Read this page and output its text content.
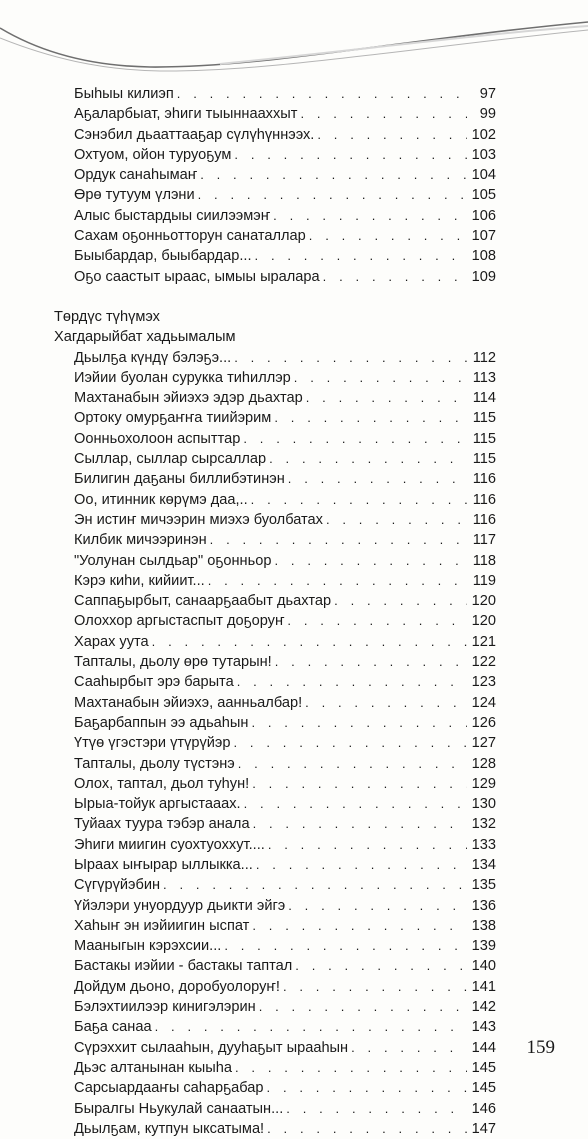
Быһыы килиэп . . .	97
Аҕаларбыат, эһиги тыыннааххыт . . .	99
Сэнэбил дьааттааҕар сүлүһүннээх. . . .	102
Охтуом, ойон туруоҕум . . .	103
Ордук санаһымаҥ . . .	104
Өрө тутуум үлэни . . .	105
Алыс быстардыы сиилээмэҥ . . .	106
Сахам оҕонньотторун санаталлар . . .	107
Быыбардар, быыбардар... . . .	108
Оҕо саастыт ыраас, ымыы ыралара . . .	109
Төрдүс түһүмэх
Хагдарыйбат хадьымалым
Дьылҕа күндү бэлэҕэ... . . .	112
Иэйии буолан сурукка тиһиллэр . . .	113
Махтанабын эйиэхэ эдэр дьахтар . . .	114
Ортоку омурҕаҥҥа тиийэрим . . .	115
Оонньохолоон аспыттар . . .	115
Сыллар, сыллар сырсаллар . . .	115
Билигин даҕаны биллибэтинэн . . .	116
Оо, итинник көрүмэ даа,.. . . .	116
Эн истиҥ мичээрин миэхэ буолбатах . . .	116
Килбик мичээринэн . . .	117
"Уолунан сылдьар" оҕонньор . . .	118
Кэрэ киһи, кийиит... . . .	119
Саппаҕырбыт, санаарҕаабыт дьахтар . . .	120
Олоххор аргыстаспыт доҕоруҥ . . .	120
Харах уута . . .	121
Тапталы, дьолу өрө тутарын! . . .	122
Сааһырбыт эрэ барыта . . .	123
Махтанабын эйиэхэ, аанньалбар! . . .	124
Баҕарбаппын ээ адьаһын . . .	126
Үтүө үгэстэри үтүрүйэр . . .	127
Тапталы, дьолу түстэнэ . . .	128
Олох, таптал, дьол туһун! . . .	129
Ырыа-тойук аргыстааах. . . .	130
Туйаах туура тэбэр анала . . .	132
Эһиги миигин суохтуоххут.... . . .	133
Ыраах ыҥырар ыллыкка... . . .	134
Сүгүрүйэбин . . .	135
Үйэлэри унуордуур дьикти эйгэ . . .	136
Хаһыҥ эн иэйиигин ыспат . . .	138
Мааныгын кэрэхсии... . . .	139
Бастакы иэйии - бастакы таптал . . .	140
Дойдум дьоно, доробуолоруҥ! . . .	141
Бэлэхтиилээр кинигэлэрин . . .	142
Баҕа санаа . . .	143
Сүрэххит сылааһын, дууһаҕыт ырааһын . . .	144
Дьэс алтанынан кыыһа . . .	145
Сарсыардааҥы саһарҕабар . . .	145
Быралгы Ньукулай санаатын... . . .	146
Дьылҕам, кутпун ыксатыма! . . .	147
159
